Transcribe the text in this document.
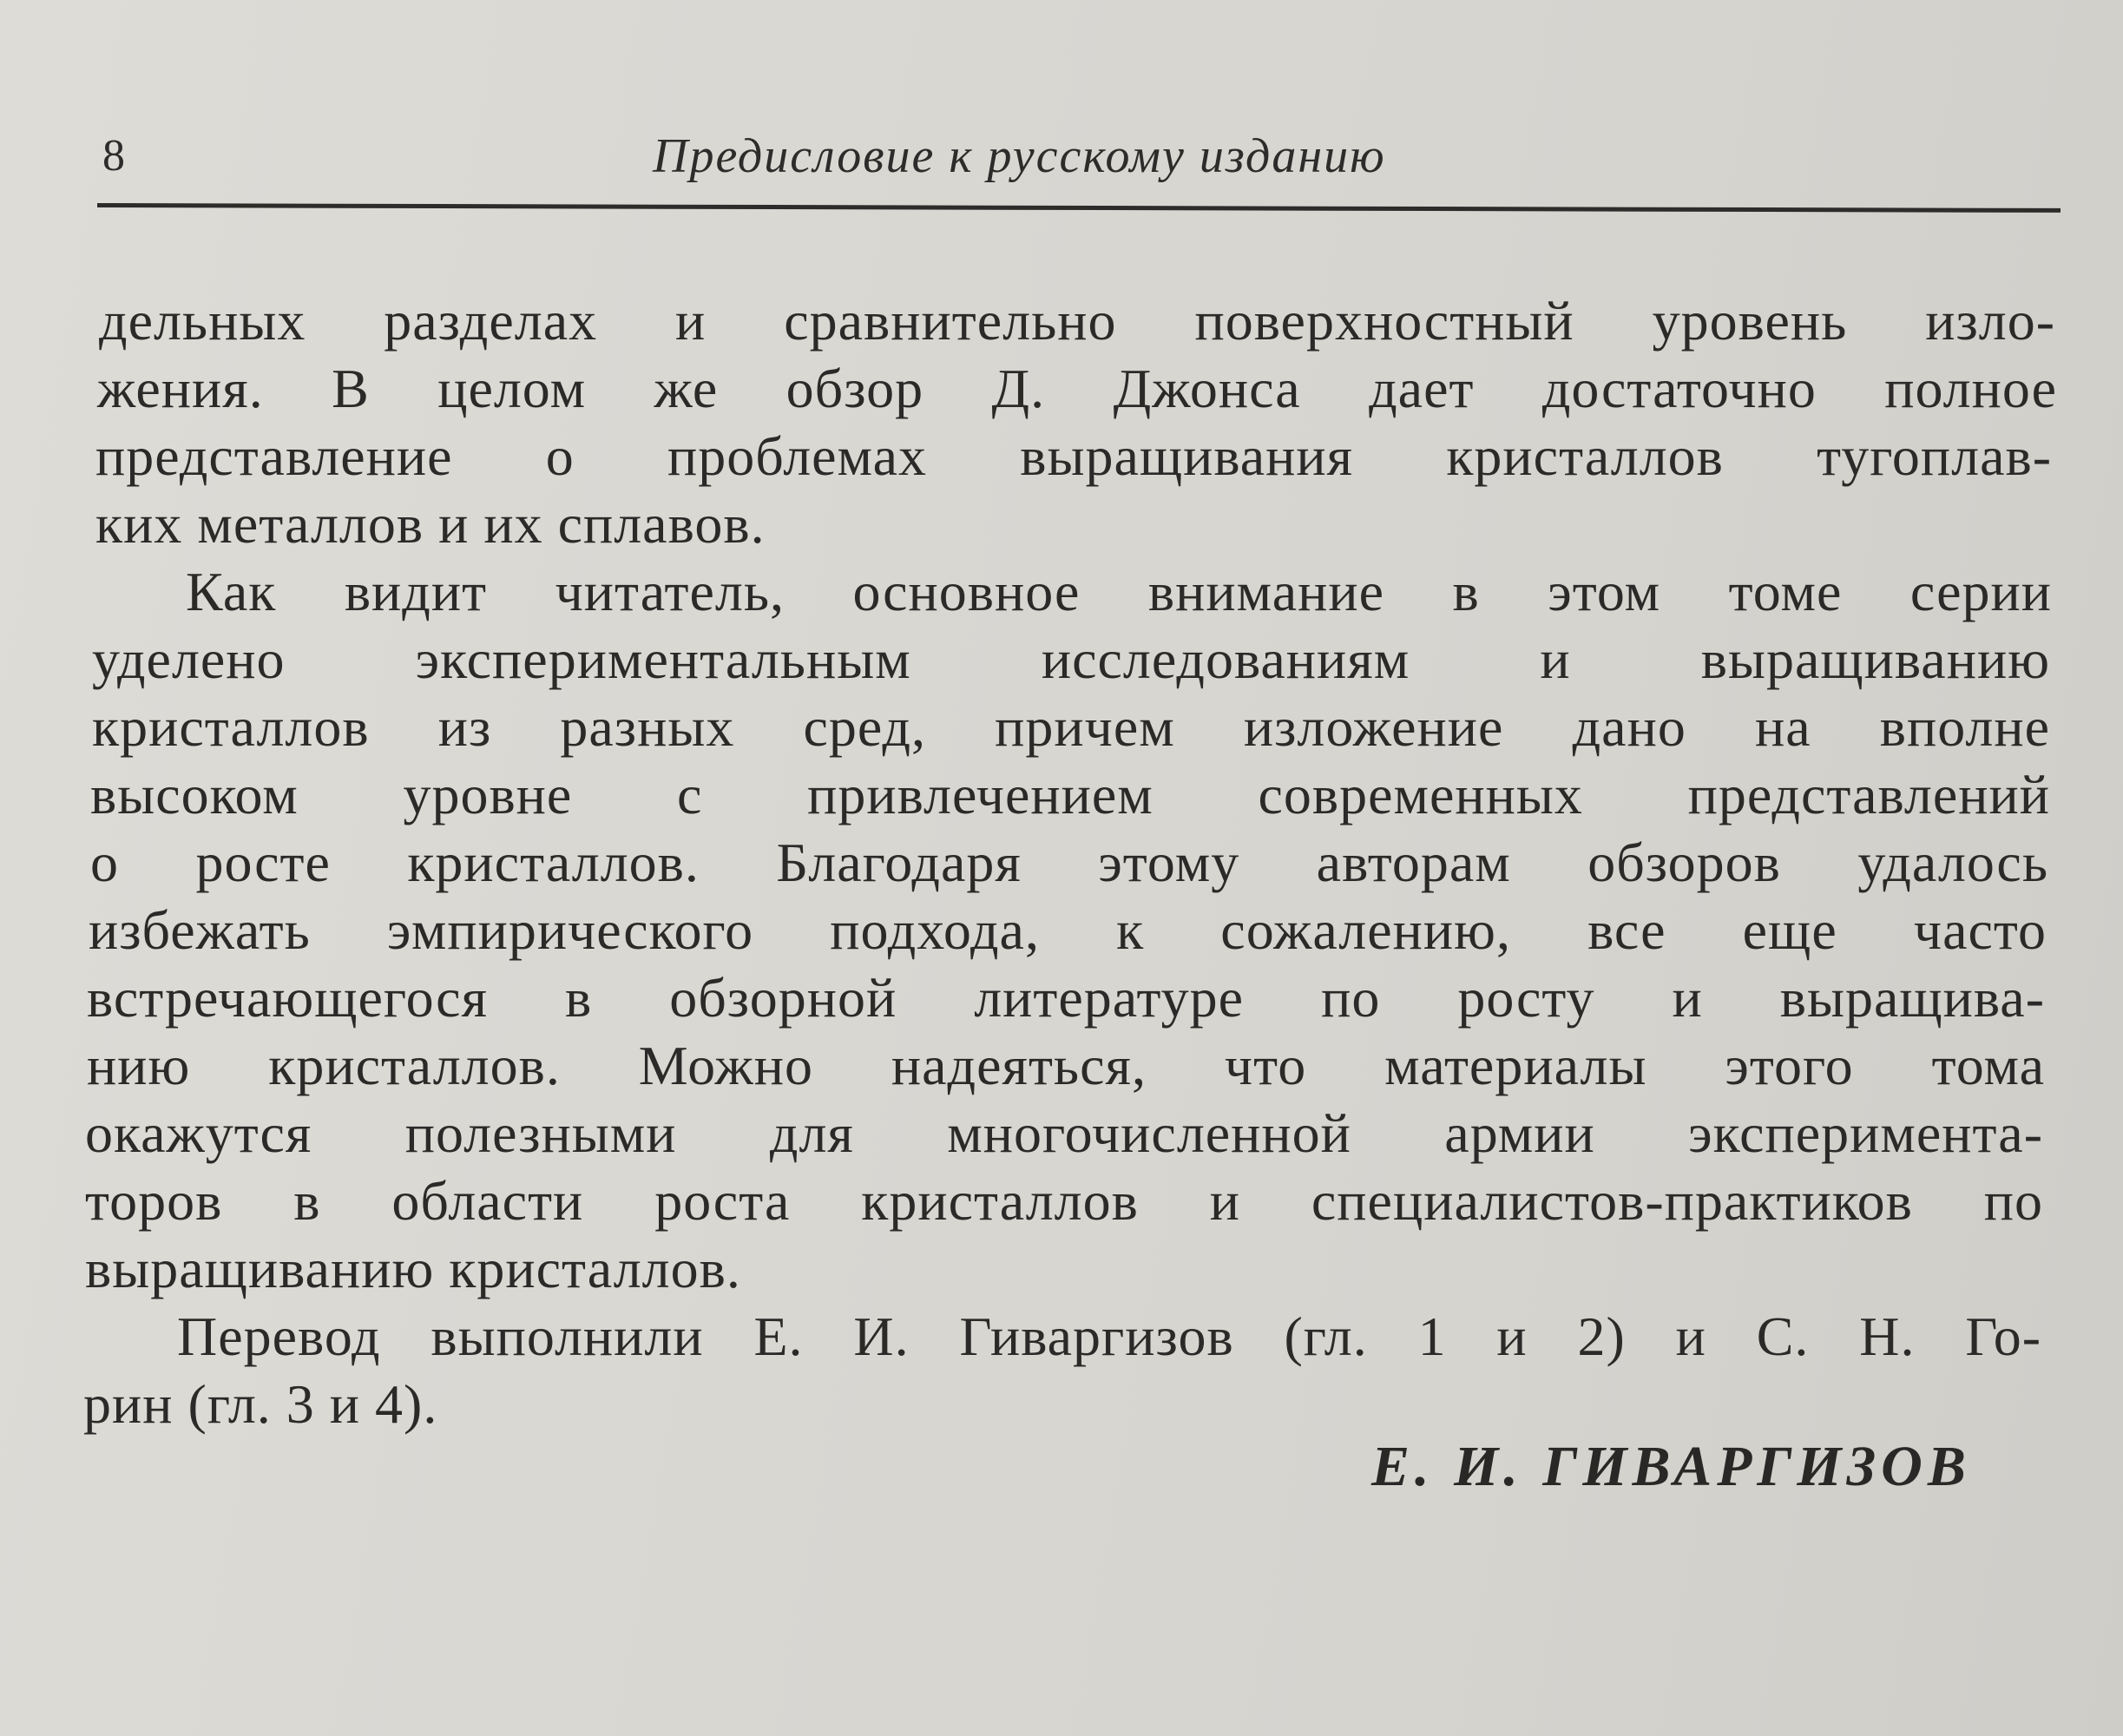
8	Предисловие к русскому изданию
дельных разделах и сравнительно поверхностный уровень изло-
жения. В целом же обзор Д. Джонса дает достаточно полное
представление о проблемах выращивания кристаллов тугоплав-
ких металлов и их сплавов.
Как видит читатель, основное внимание в этом томе серии
уделено экспериментальным исследованиям и выращиванию
кристаллов из разных сред, причем изложение дано на вполне
высоком уровне с привлечением современных представлений
о росте кристаллов. Благодаря этому авторам обзоров удалось
избежать эмпирического подхода, к сожалению, все еще часто
встречающегося в обзорной литературе по росту и выращива-
нию кристаллов. Можно надеяться, что материалы этого тома
окажутся полезными для многочисленной армии эксперимента-
торов в области роста кристаллов и специалистов-практиков по
выращиванию кристаллов.
Перевод выполнили Е. И. Гиваргизов (гл. 1 и 2) и С. Н. Го-
рин (гл. 3 и 4).
Е. И. ГИВАРГИЗОВ
